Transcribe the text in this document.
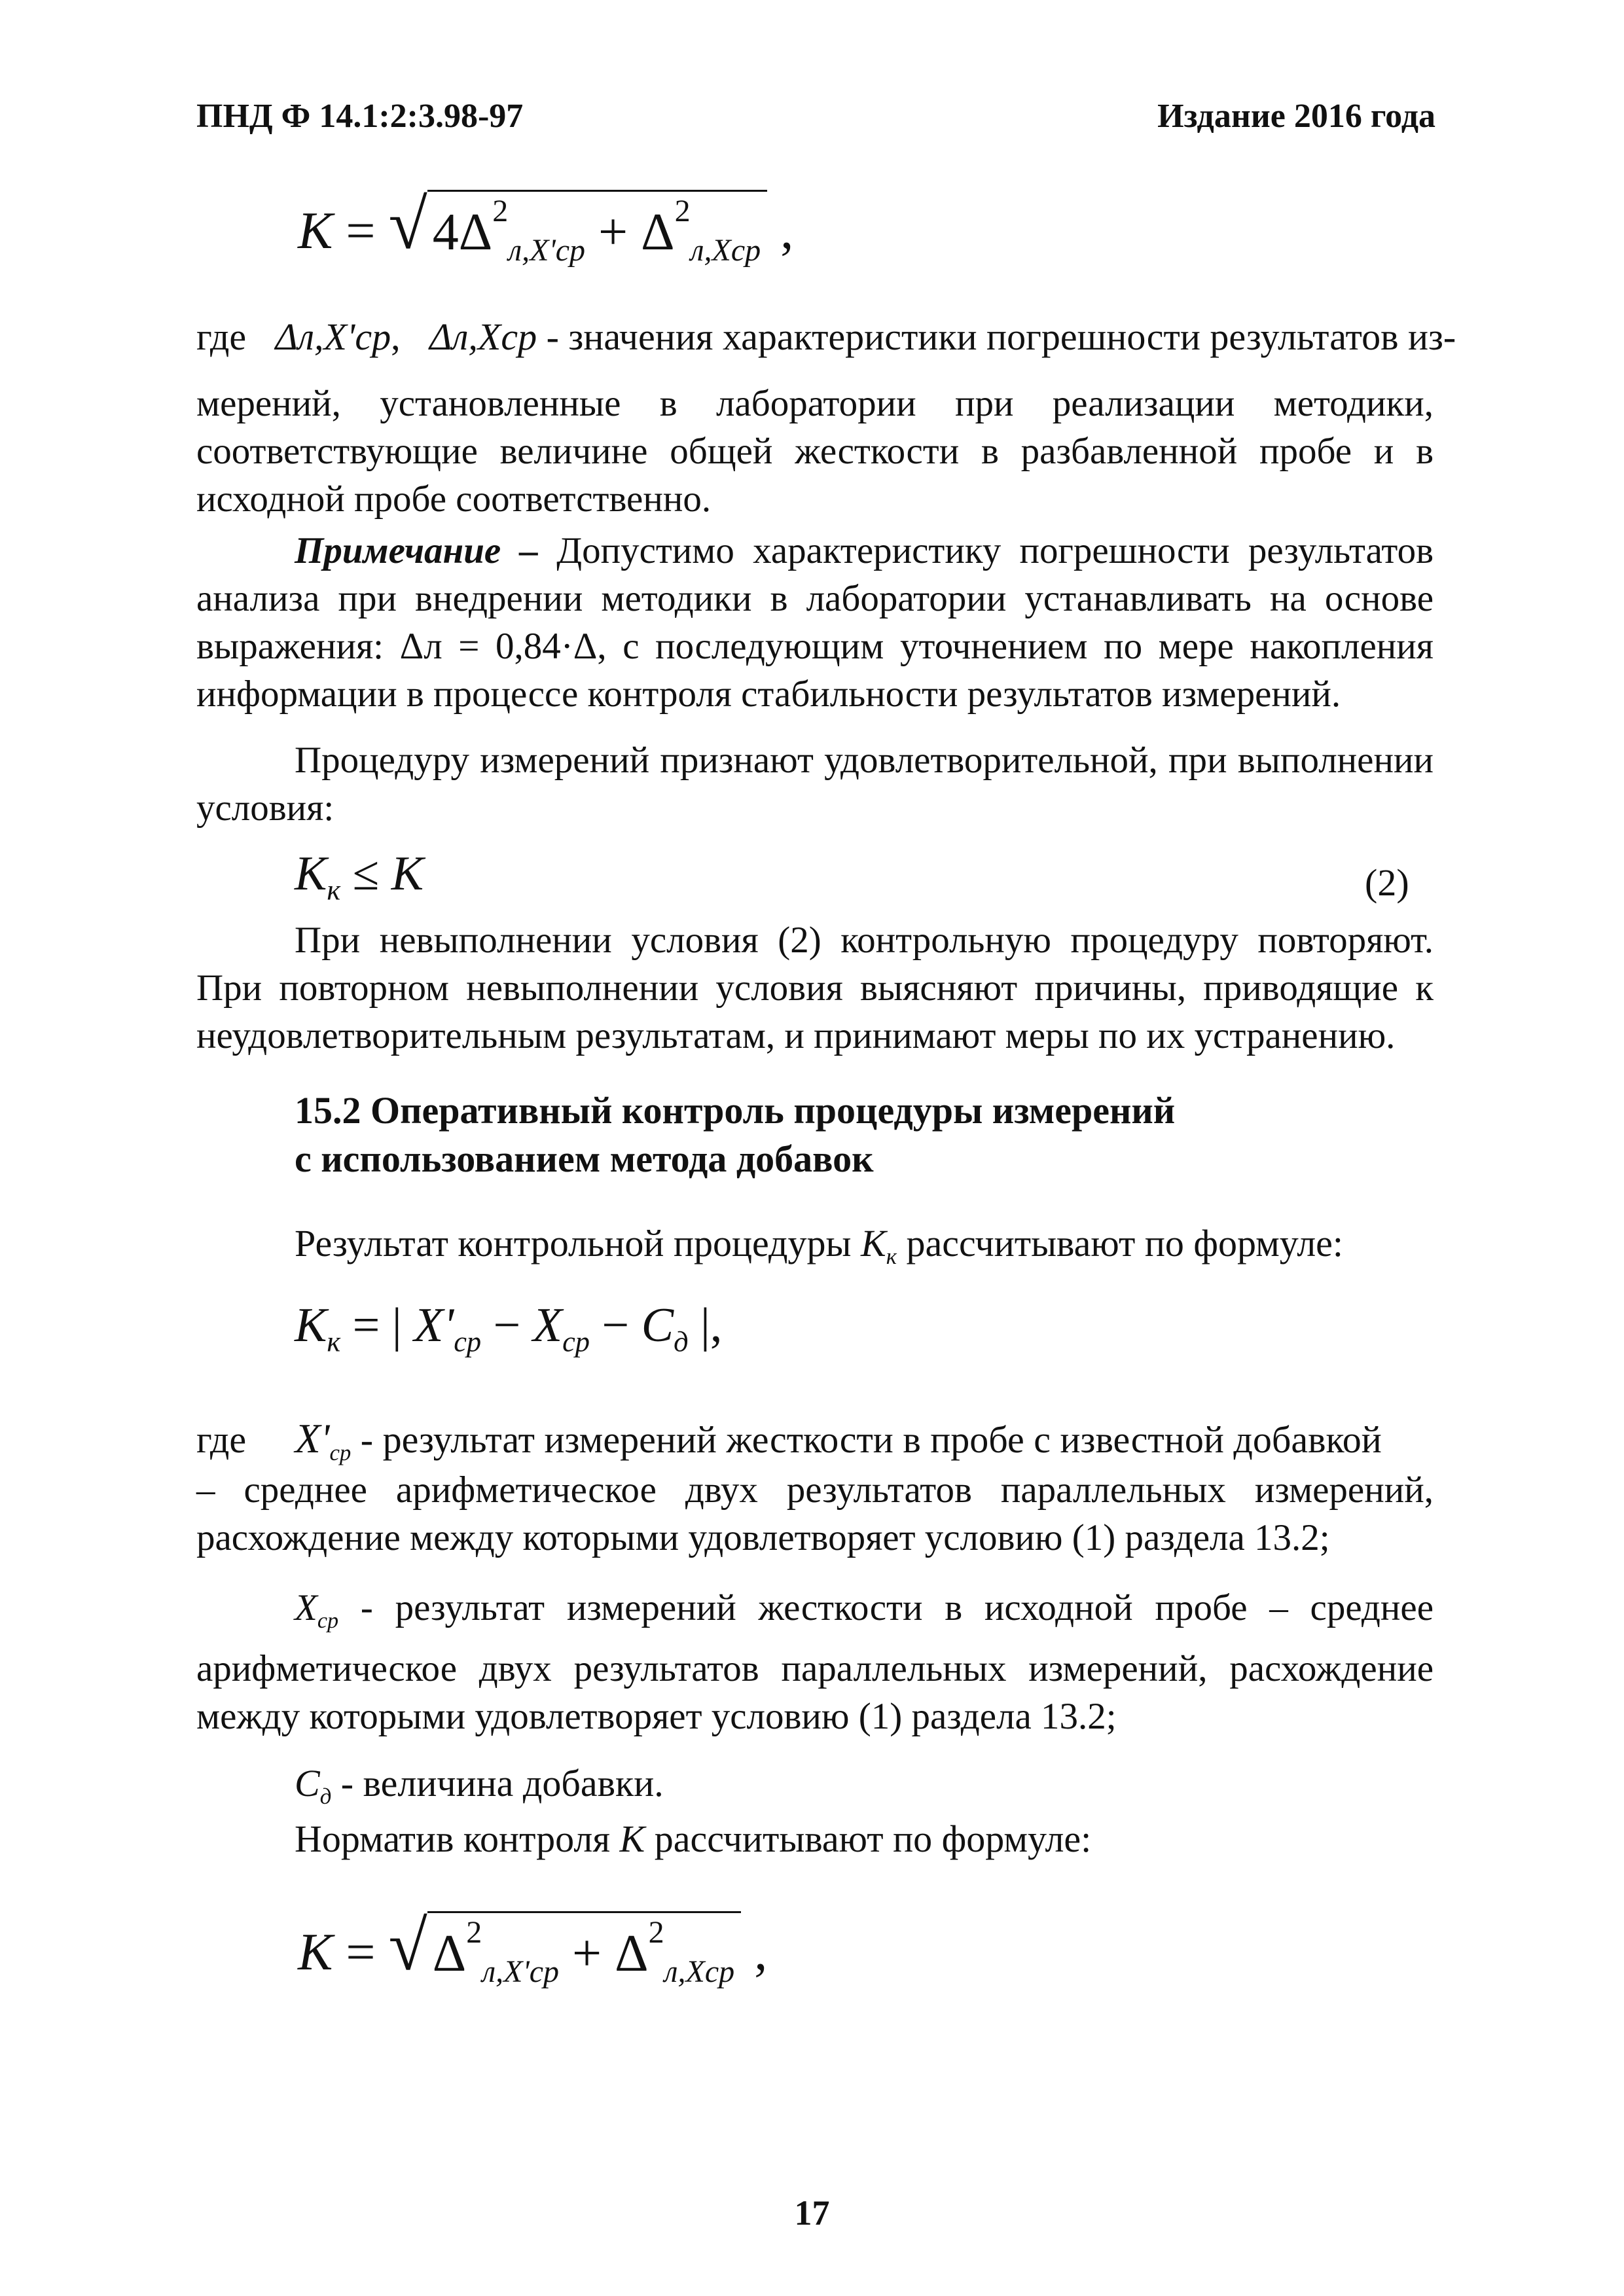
ПНД Ф 14.1:2:3.98-97	Издание 2016 года
K = √ $4\Delta^2_{л,X'ср} + \Delta^2_{л,Xср}$ ,
где Δл,X'ср, Δл,Xср - значения характеристики погрешности результатов из-

мерений, установленные в лаборатории при реализации методики, соответствующие величине общей жесткости в разбавленной пробе и в исходной пробе соответственно.

Примечание – Допустимо характеристику погрешности результатов анализа при внедрении методики в лаборатории устанавливать на основе выражения: Δл = 0,84·Δ, с последующим уточнением по мере накопления информации в процессе контроля стабильности результатов измерений.

Процедуру измерений признают удовлетворительной, при выполнении условия:

$K_к \le K$	(2)

При невыполнении условия (2) контрольную процедуру повторяют. При повторном невыполнении условия выясняют причины, приводящие к неудовлетворительным результатам, и принимают меры по их устранению.

15.2 Оперативный контроль процедуры измерений
с использованием метода добавок
Результат контрольной процедуры $K_к$ рассчитывают по формуле:
$K_к$ = | $X'_{ср} - X_{ср} - C_д$ |,
где $X'_{ср}$ - результат измерений жесткости в пробе с известной добавкой

– среднее арифметическое двух результатов параллельных измерений, расхождение между которыми удовлетворяет условию (1) раздела 13.2;

$X_{ср}$ - результат измерений жесткости в исходной пробе – среднее арифметическое двух результатов параллельных измерений, расхождение между которыми удовлетворяет условию (1) раздела 13.2;

$C_д$ - величина добавки.
Норматив контроля K рассчитывают по формуле:
K = √ $\Delta^2_{л,X'ср} + \Delta^2_{л,Xср}$ ,
17
